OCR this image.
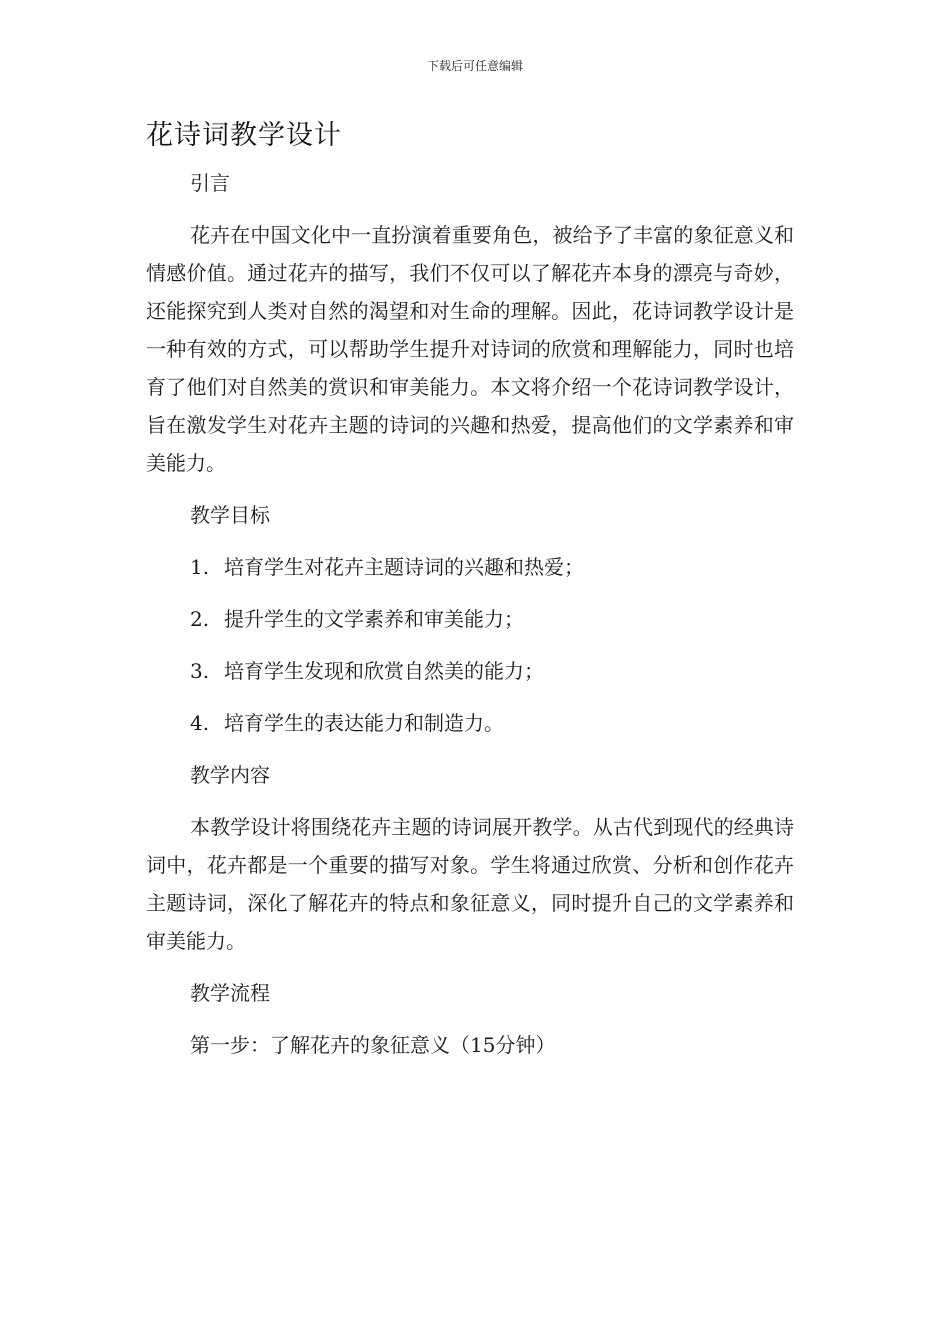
下载后可任意编辑
花诗词教学设计

引言

花卉在中国文化中一直扮演着重要角色，被给予了丰富的象征意义和情感价值。通过花卉的描写，我们不仅可以了解花卉本身的漂亮与奇妙，还能探究到人类对自然的渴望和对生命的理解。因此，花诗词教学设计是一种有效的方式，可以帮助学生提升对诗词的欣赏和理解能力，同时也培育了他们对自然美的赏识和审美能力。本文将介绍一个花诗词教学设计，旨在激发学生对花卉主题的诗词的兴趣和热爱，提高他们的文学素养和审美能力。

教学目标

1. 培育学生对花卉主题诗词的兴趣和热爱；
2. 提升学生的文学素养和审美能力；
3. 培育学生发现和欣赏自然美的能力；
4. 培育学生的表达能力和制造力。

教学内容

本教学设计将围绕花卉主题的诗词展开教学。从古代到现代的经典诗词中，花卉都是一个重要的描写对象。学生将通过欣赏、分析和创作花卉主题诗词，深化了解花卉的特点和象征意义，同时提升自己的文学素养和审美能力。

教学流程

第一步：了解花卉的象征意义（15分钟）
